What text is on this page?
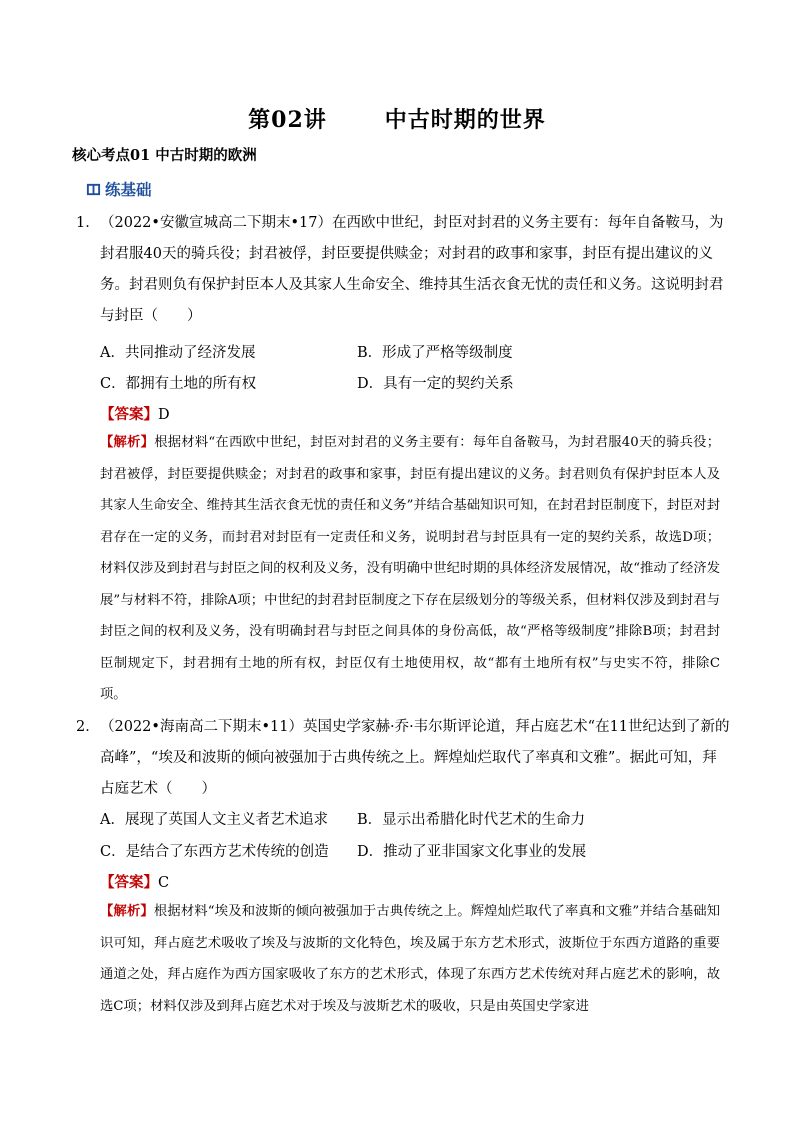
第02讲	中古时期的世界
核心考点01 中古时期的欧洲
练基础
1． （2022•安徽宣城高二下期末•17）在西欧中世纪，封臣对封君的义务主要有：每年自备鞍马，为封君服40天的骑兵役；封君被俘，封臣要提供赎金；对封君的政事和家事，封臣有提出建议的义务。封君则负有保护封臣本人及其家人生命安全、维持其生活衣食无忧的责任和义务。这说明封君与封臣（　　）
A．共同推动了经济发展	B．形成了严格等级制度
C．都拥有土地的所有权	D．具有一定的契约关系
【答案】D
【解析】根据材料“在西欧中世纪，封臣对封君的义务主要有：每年自备鞍马，为封君服40天的骑兵役；封君被俘，封臣要提供赎金；对封君的政事和家事，封臣有提出建议的义务。封君则负有保护封臣本人及其家人生命安全、维持其生活衣食无忧的责任和义务”并结合基础知识可知，在封君封臣制度下，封臣对封君存在一定的义务，而封君对封臣有一定责任和义务，说明封君与封臣具有一定的契约关系，故选D项；材料仅涉及到封君与封臣之间的权利及义务，没有明确中世纪时期的具体经济发展情况，故“推动了经济发展”与材料不符，排除A项；中世纪的封君封臣制度之下存在层级划分的等级关系，但材料仅涉及到封君与封臣之间的权利及义务，没有明确封君与封臣之间具体的身份高低，故“严格等级制度”排除B项；封君封臣制规定下，封君拥有土地的所有权，封臣仅有土地使用权，故“都有土地所有权”与史实不符，排除C项。
2． （2022•海南高二下期末•11）英国史学家赫·乔·韦尔斯评论道，拜占庭艺术“在11世纪达到了新的高峰”，“埃及和波斯的倾向被强加于古典传统之上。辉煌灿烂取代了率真和文雅”。据此可知，拜占庭艺术（　　）
A．展现了英国人文主义者艺术追求 B．显示出希腊化时代艺术的生命力
C．是结合了东西方艺术传统的创造 D．推动了亚非国家文化事业的发展
【答案】C
【解析】根据材料“埃及和波斯的倾向被强加于古典传统之上。辉煌灿烂取代了率真和文雅”并结合基础知识可知，拜占庭艺术吸收了埃及与波斯的文化特色，埃及属于东方艺术形式，波斯位于东西方道路的重要通道之处，拜占庭作为西方国家吸收了东方的艺术形式，体现了东西方艺术传统对拜占庭艺术的影响，故选C项；材料仅涉及到拜占庭艺术对于埃及与波斯艺术的吸收，只是由英国史学家进
